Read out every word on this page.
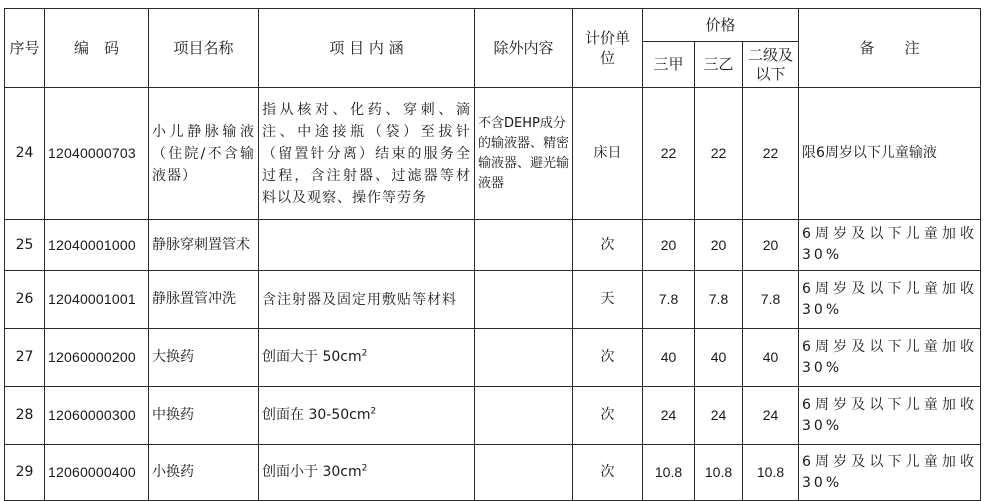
序号	编　码	项目名称	项 目 内 涵	除外内容	计价单位	价格			备　　注
						三甲	三乙	二级及以下	
24	12040000703	小儿静脉输液（住院/不含输液器）	指从核对、化药、穿刺、滴注、中途接瓶（袋）至拔针（留置针分离）结束的服务全过程，含注射器、过滤器等材料以及观察、操作等劳务	不含DEHP成分的输液器、精密输液器、避光输液器	床日	22	22	22	限6周岁以下儿童输液
25	12040001000	静脉穿刺置管术			次	20	20	20	6周岁及以下儿童加收30%
26	12040001001	静脉置管冲洗	含注射器及固定用敷贴等材料		天	7.8	7.8	7.8	6周岁及以下儿童加收30%
27	12060000200	大换药	创面大于 $50cm^2$		次	40	40	40	6周岁及以下儿童加收30%
28	12060000300	中换药	创面在 $30-50cm^2$		次	24	24	24	6周岁及以下儿童加收30%
29	12060000400	小换药	创面小于 $30cm^2$		次	10.8	10.8	10.8	6周岁及以下儿童加收30%
